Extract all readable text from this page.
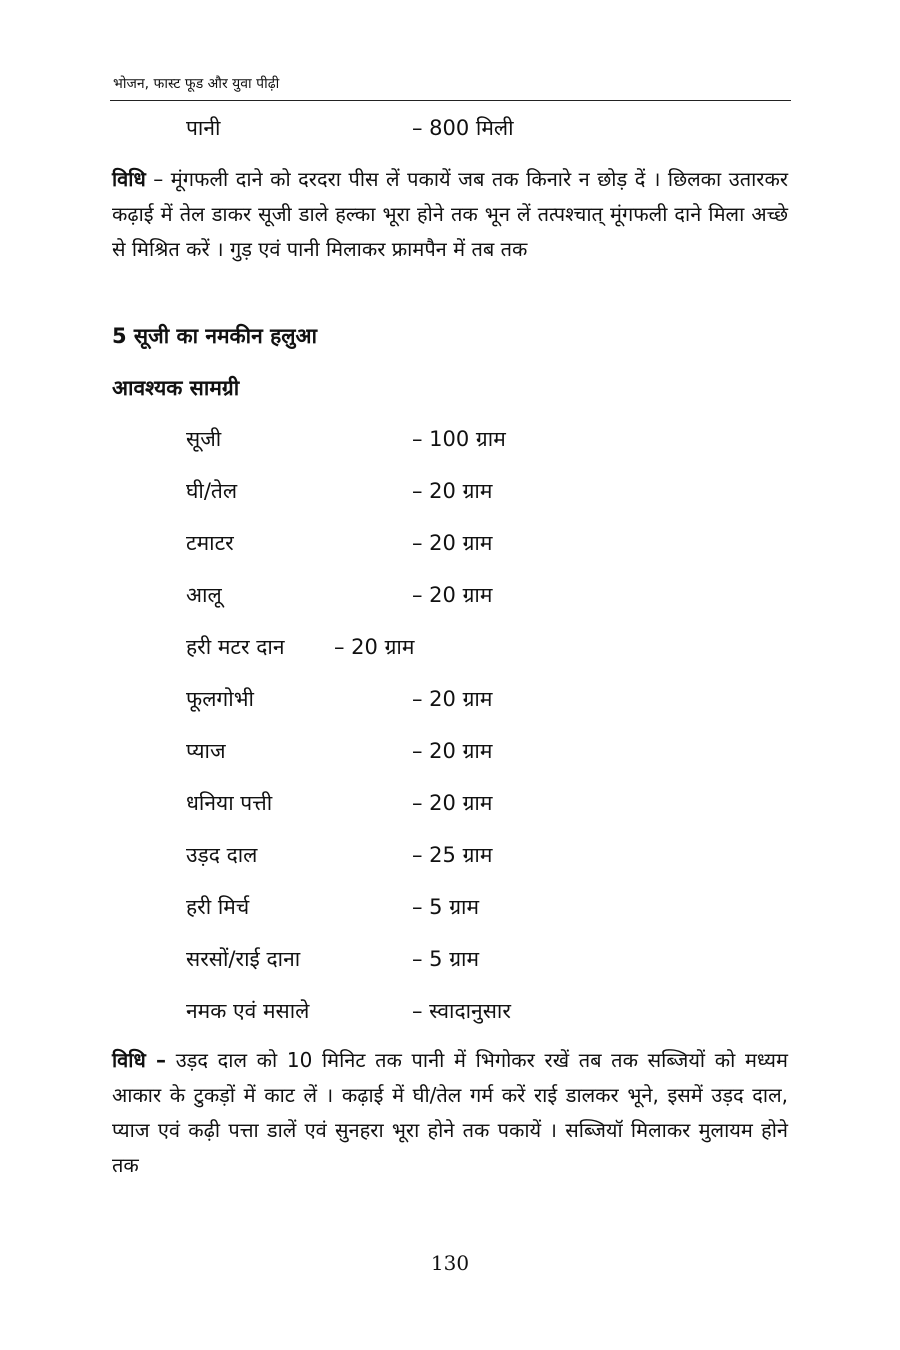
भोजन, फास्ट फूड और युवा पीढ़ी
पानी	– 800 मिली

विधि – मूंगफली दाने को दरदरा पीस लें पकायें जब तक किनारे न छोड़ दें । छिलका उतारकर कढ़ाई में तेल डाकर सूजी डाले हल्का भूरा होने तक भून लें तत्पश्चात् मूंगफली दाने मिला अच्छे से मिश्रित करें । गुड़ एवं पानी मिलाकर फ्रामपैन में तब तक

5 सूजी का नमकीन हलुआ
आवश्यक सामग्री
सूजी	– 100 ग्राम
घी/तेल	– 20 ग्राम
टमाटर	– 20 ग्राम
आलू	– 20 ग्राम
हरी मटर दान – 20 ग्राम
फूलगोभी	– 20 ग्राम
प्याज	– 20 ग्राम
धनिया पत्ती	– 20 ग्राम
उड़द दाल	– 25 ग्राम
हरी मिर्च	– 5 ग्राम
सरसों/राई दाना	– 5 ग्राम
नमक एवं मसाले	– स्वादानुसार

विधि – उड़द दाल को 10 मिनिट तक पानी में भिगोकर रखें तब तक सब्जियों को मध्यम आकार के टुकड़ों में काट लें । कढ़ाई में घी/तेल गर्म करें राई डालकर भूने, इसमें उड़द दाल, प्याज एवं कढ़ी पत्ता डालें एवं सुनहरा भूरा होने तक पकायें । सब्जियॉ मिलाकर मुलायम होने तक

130
